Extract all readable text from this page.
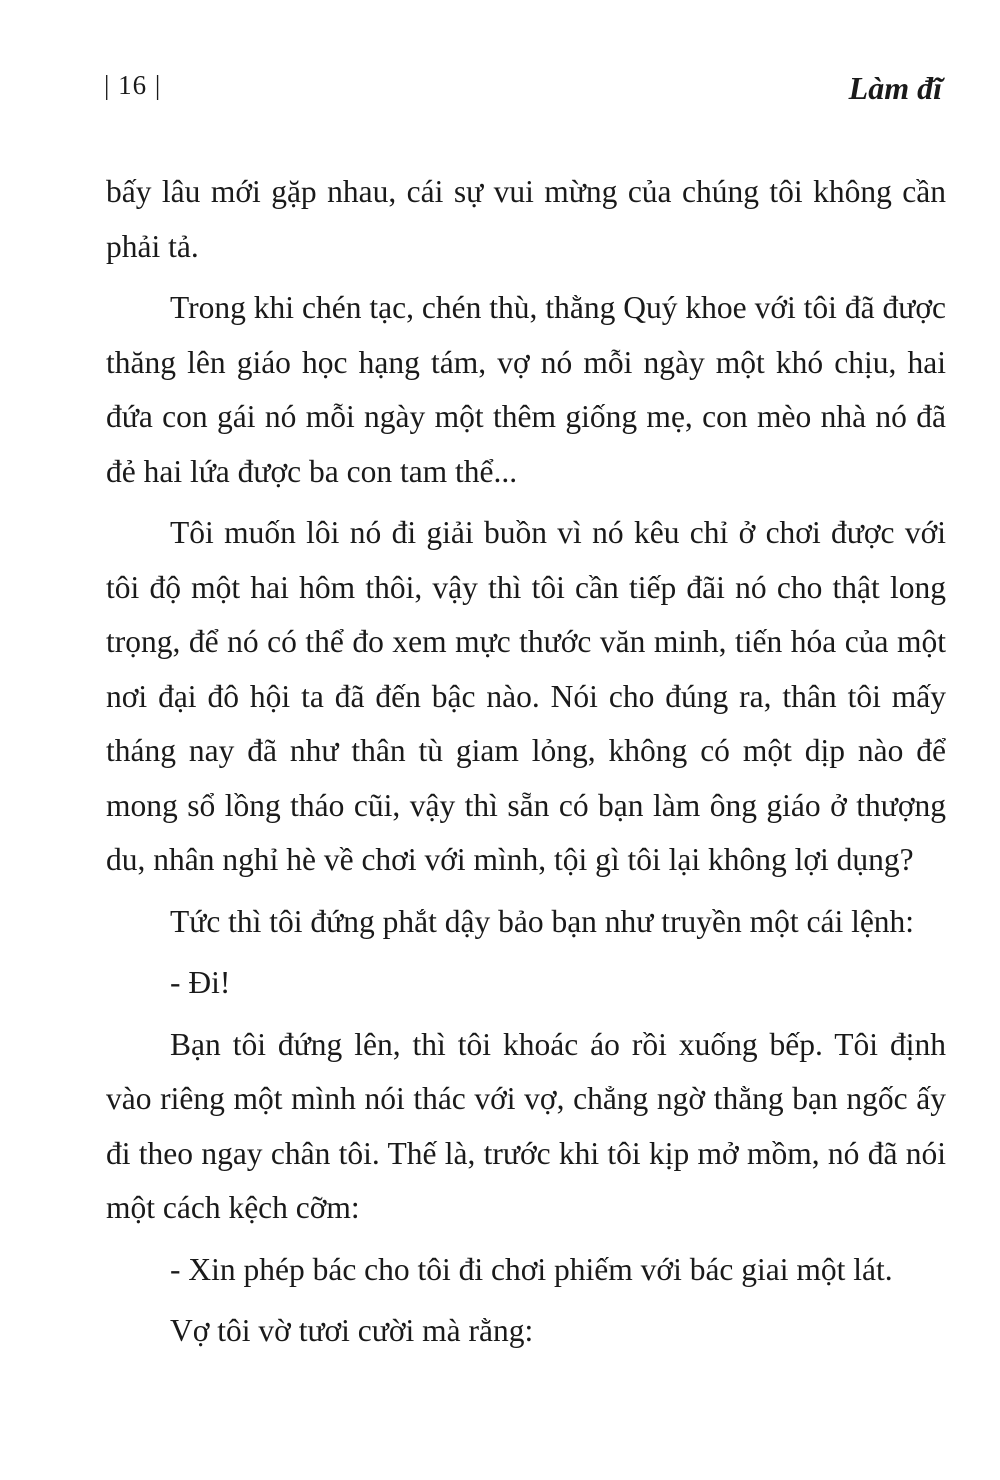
| 16 |	Làm đĩ

bấy lâu mới gặp nhau, cái sự vui mừng của chúng tôi không cần phải tả.

Trong khi chén tạc, chén thù, thằng Quý khoe với tôi đã được thăng lên giáo học hạng tám, vợ nó mỗi ngày một khó chịu, hai đứa con gái nó mỗi ngày một thêm giống mẹ, con mèo nhà nó đã đẻ hai lứa được ba con tam thể...

Tôi muốn lôi nó đi giải buồn vì nó kêu chỉ ở chơi được với tôi độ một hai hôm thôi, vậy thì tôi cần tiếp đãi nó cho thật long trọng, để nó có thể đo xem mực thước văn minh, tiến hóa của một nơi đại đô hội ta đã đến bậc nào. Nói cho đúng ra, thân tôi mấy tháng nay đã như thân tù giam lỏng, không có một dịp nào để mong sổ lồng tháo cũi, vậy thì sẵn có bạn làm ông giáo ở thượng du, nhân nghỉ hè về chơi với mình, tội gì tôi lại không lợi dụng?

Tức thì tôi đứng phắt dậy bảo bạn như truyền một cái lệnh:

- Đi!

Bạn tôi đứng lên, thì tôi khoác áo rồi xuống bếp. Tôi định vào riêng một mình nói thác với vợ, chẳng ngờ thằng bạn ngốc ấy đi theo ngay chân tôi. Thế là, trước khi tôi kịp mở mồm, nó đã nói một cách kệch cỡm:

- Xin phép bác cho tôi đi chơi phiếm với bác giai một lát.

Vợ tôi vờ tươi cười mà rằng:
